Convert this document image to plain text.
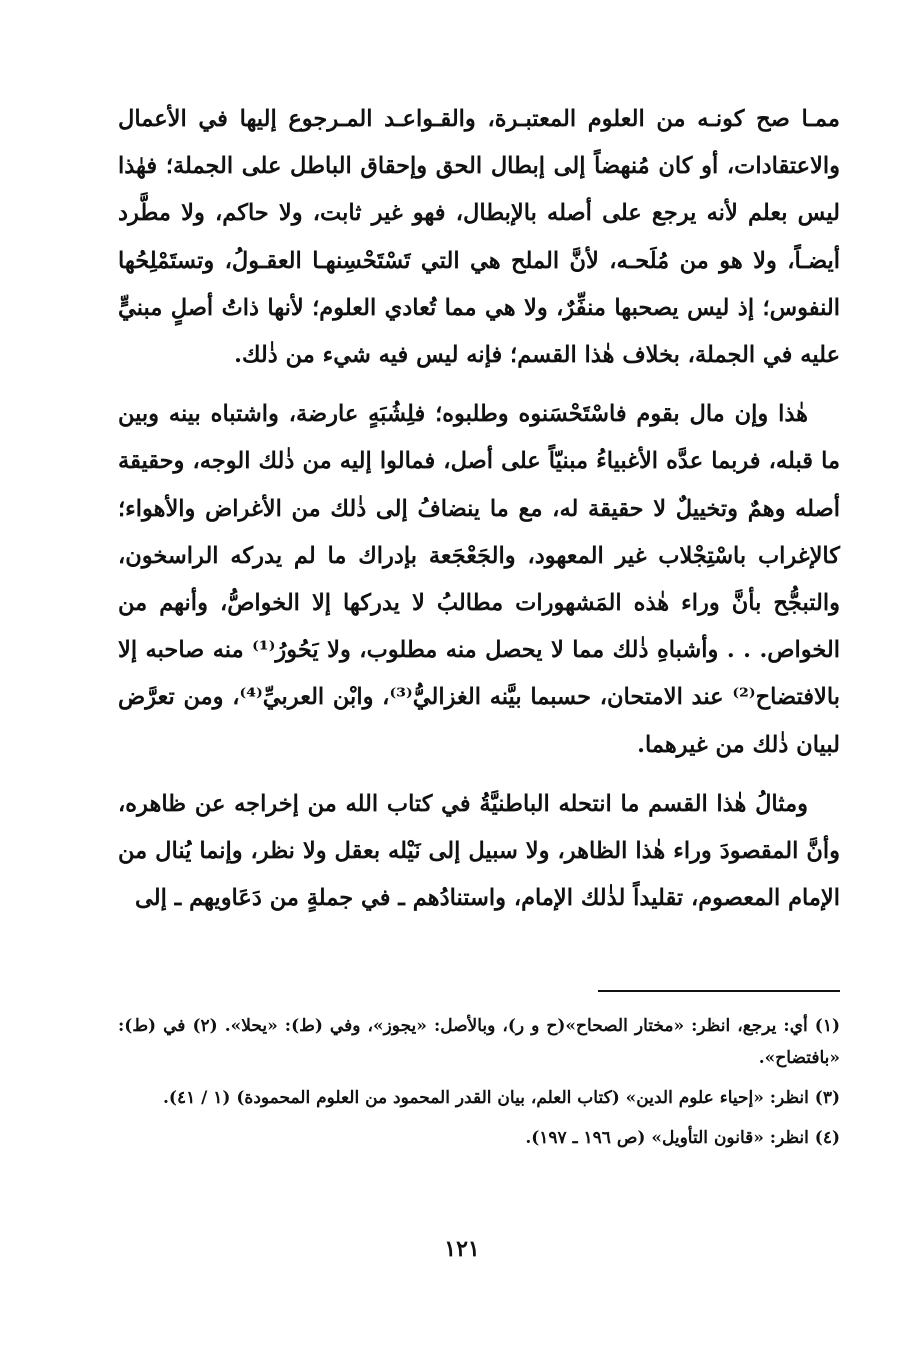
ممـا صح كونـه من العلوم المعتبـرة، والقـواعـد المـرجوع إليها في الأعمال والاعتقادات، أو كان مُنهضاً إلى إبطال الحق وإحقاق الباطل على الجملة؛ فهٰذا ليس بعلم لأنه يرجع على أصله بالإبطال، فهو غير ثابت، ولا حاكم، ولا مطَّرد أيضـاً، ولا هو من مُلَحـه، لأنَّ الملح هي التي تَسْتَحْسِنهـا العقـولُ، وتستَمْلِحُها النفوس؛ إذ ليس يصحبها منفِّرٌ، ولا هي مما تُعادي العلوم؛ لأنها ذاتُ أصلٍ مبنيٍّ عليه في الجملة، بخلاف هٰذا القسم؛ فإنه ليس فيه شيء من ذٰلك.

هٰذا وإن مال بقوم فاسْتَحْسَنوه وطلبوه؛ فلِشُبَهٍ عارضة، واشتباه بينه وبين ما قبله، فربما عدَّه الأغبياءُ مبنيّاً على أصل، فمالوا إليه من ذٰلك الوجه، وحقيقة أصله وهمٌ وتخييلٌ لا حقيقة له، مع ما ينضافُ إلى ذٰلك من الأغراض والأهواء؛ كالإغراب باسْتِجْلاب غير المعهود، والجَعْجَعة بإدراك ما لم يدركه الراسخون، والتبجُّح بأنَّ وراء هٰذه المَشهورات مطالبُ لا يدركها إلا الخواصُّ، وأنهم من الخواص. . . وأشباهِ ذٰلك مما لا يحصل منه مطلوب، ولا يَحُورُ⁽¹⁾ منه صاحبه إلا بالافتضاح⁽²⁾ عند الامتحان، حسبما بيَّنه الغزاليُّ⁽³⁾، وابْن العربيِّ⁽⁴⁾، ومن تعرَّض لبيان ذٰلك من غيرهما.

ومثالُ هٰذا القسم ما انتحله الباطنيَّةُ في كتاب الله من إخراجه عن ظاهره، وأنَّ المقصودَ وراء هٰذا الظاهر، ولا سبيل إلى نَيْله بعقل ولا نظر، وإنما يُنال من الإمام المعصوم، تقليداً لذٰلك الإمام، واستنادُهم ـ في جملةٍ من دَعَاويهم ـ إلى

(١) أي: يرجع، انظر: «مختار الصحاح»(ح و ر)، وبالأصل: «يجوز»، وفي (ط): «يحلا». (٢) في (ط): «بافتضاح».

(٣) انظر: «إحياء علوم الدين» (كتاب العلم، بيان القدر المحمود من العلوم المحمودة) (١ / ٤١).

(٤) انظر: «قانون التأويل» (ص ١٩٦ ـ ١٩٧).

١٢١
